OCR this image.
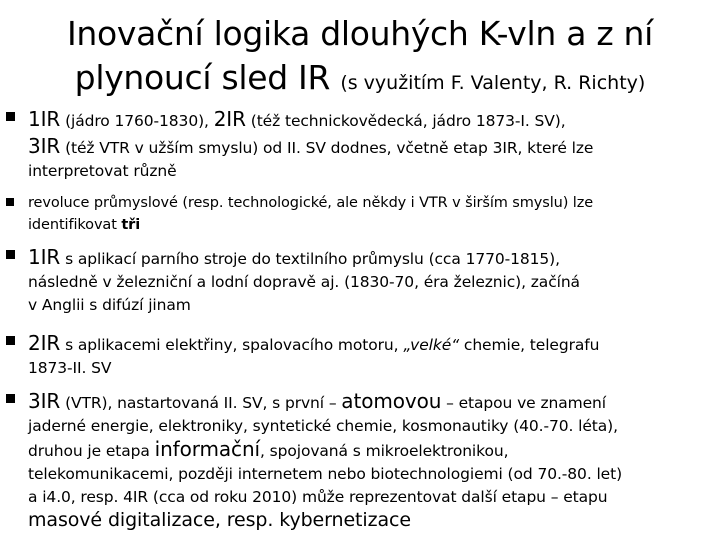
Inovační logika dlouhých K-vln a z ní
plynoucí sled IR (s využitím F. Valenty, R. Richty)
1IR (jádro 1760-1830), 2IR (též technickovědecká, jádro 1873-I. SV),
3IR (též VTR v užším smyslu) od II. SV dodnes, včetně etap 3IR, které lze
interpretovat různě
revoluce průmyslové (resp. technologické, ale někdy i VTR v širším smyslu) lze
identifikovat tři
1IR s aplikací parního stroje do textilního průmyslu (cca 1770-1815),
následně v železniční a lodní dopravě aj. (1830-70, éra železnic), začíná
v Anglii s difúzí jinam
2IR s aplikacemi elektřiny, spalovacího motoru, „velké“ chemie, telegrafu
1873-II. SV
3IR (VTR), nastartovaná II. SV, s první – atomovou – etapou ve znamení
jaderné energie, elektroniky, syntetické chemie, kosmonautiky (40.-70. léta),
druhou je etapa informační, spojovaná s mikroelektronikou,
telekomunikacemi, později internetem nebo biotechnologiemi (od 70.-80. let)
a i4.0, resp. 4IR (cca od roku 2010) může reprezentovat další etapu – etapu
masové digitalizace, resp. kybernetizace
